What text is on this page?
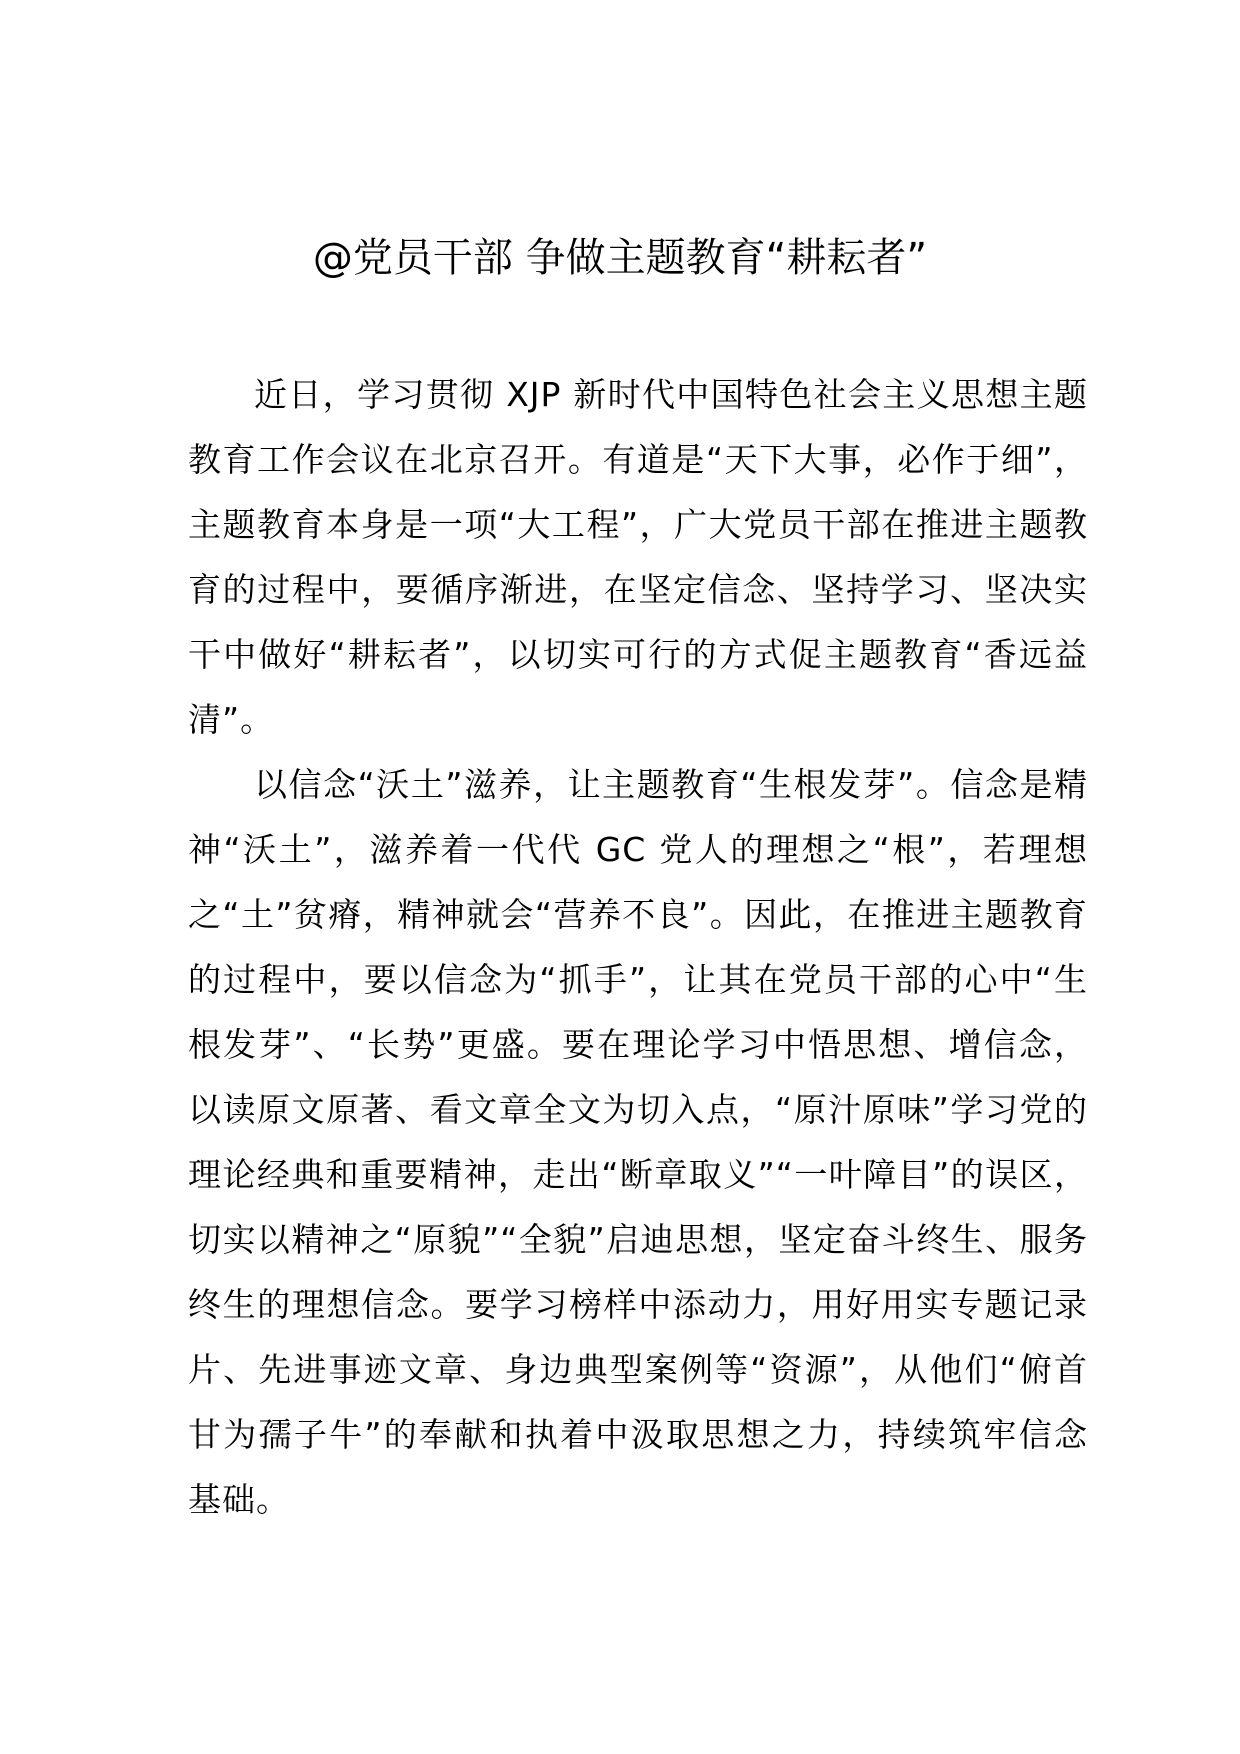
@党员干部 争做主题教育“耕耘者”

近日，学习贯彻 XJP 新时代中国特色社会主义思想主题教育工作会议在北京召开。有道是“天下大事，必作于细”，主题教育本身是一项“大工程”，广大党员干部在推进主题教育的过程中，要循序渐进，在坚定信念、坚持学习、坚决实干中做好“耕耘者”，以切实可行的方式促主题教育“香远益清”。

以信念“沃土”滋养，让主题教育“生根发芽”。信念是精神“沃土”，滋养着一代代 GC 党人的理想之“根”，若理想之“土”贫瘠，精神就会“营养不良”。因此，在推进主题教育的过程中，要以信念为“抓手”，让其在党员干部的心中“生根发芽”、“长势”更盛。要在理论学习中悟思想、增信念，以读原文原著、看文章全文为切入点，“原汁原味”学习党的理论经典和重要精神，走出“断章取义”“一叶障目”的误区，切实以精神之“原貌”“全貌”启迪思想，坚定奋斗终生、服务终生的理想信念。要学习榜样中添动力，用好用实专题记录片、先进事迹文章、身边典型案例等“资源”，从他们“俯首甘为孺子牛”的奉献和执着中汲取思想之力，持续筑牢信念基础。
